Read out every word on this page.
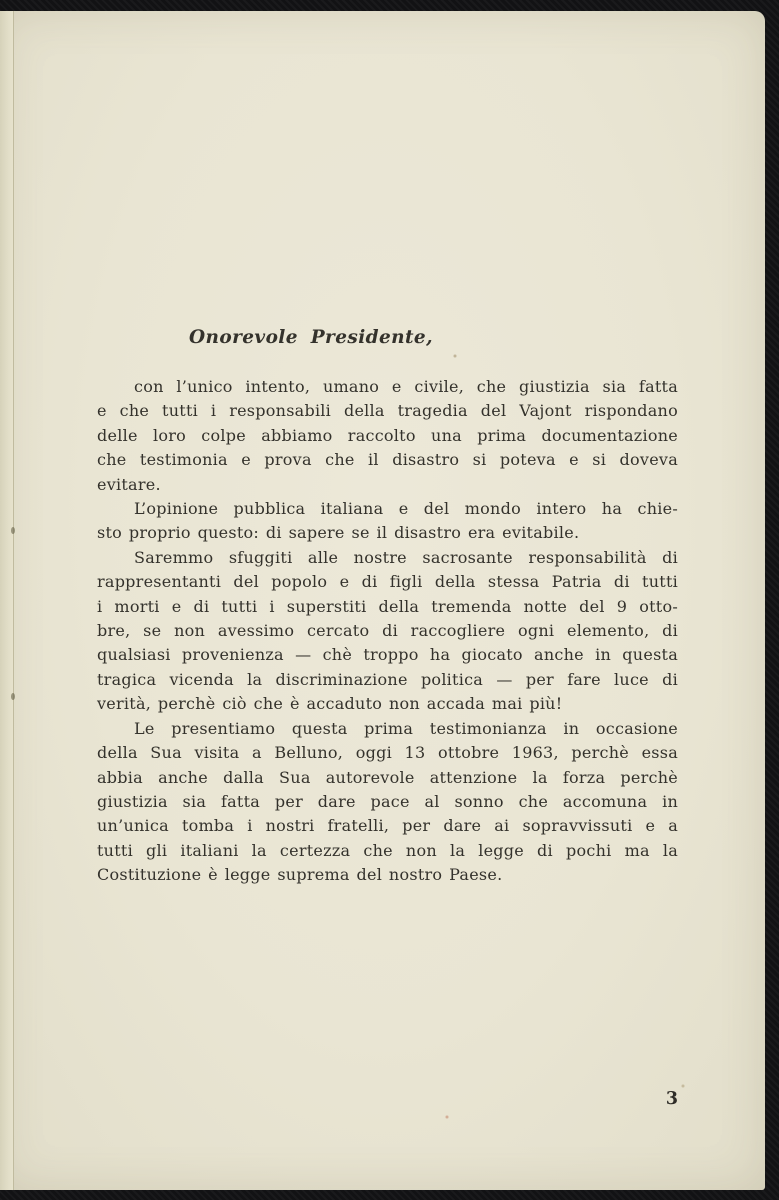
Onorevole Presidente,
con l’unico intento, umano e civile, che giustizia sia fatta
e che tutti i responsabili della tragedia del Vajont rispondano
delle loro colpe abbiamo raccolto una prima documentazione
che testimonia e prova che il disastro si poteva e si doveva
evitare.
L’opinione pubblica italiana e del mondo intero ha chie-
sto proprio questo: di sapere se il disastro era evitabile.
Saremmo sfuggiti alle nostre sacrosante responsabilità di
rappresentanti del popolo e di figli della stessa Patria di tutti
i morti e di tutti i superstiti della tremenda notte del 9 otto-
bre, se non avessimo cercato di raccogliere ogni elemento, di
qualsiasi provenienza — chè troppo ha giocato anche in questa
tragica vicenda la discriminazione politica — per fare luce di
verità, perchè ciò che è accaduto non accada mai più!
Le presentiamo questa prima testimonianza in occasione
della Sua visita a Belluno, oggi 13 ottobre 1963, perchè essa
abbia anche dalla Sua autorevole attenzione la forza perchè
giustizia sia fatta per dare pace al sonno che accomuna in
un’unica tomba i nostri fratelli, per dare ai sopravvissuti e a
tutti gli italiani la certezza che non la legge di pochi ma la
Costituzione è legge suprema del nostro Paese.
3
